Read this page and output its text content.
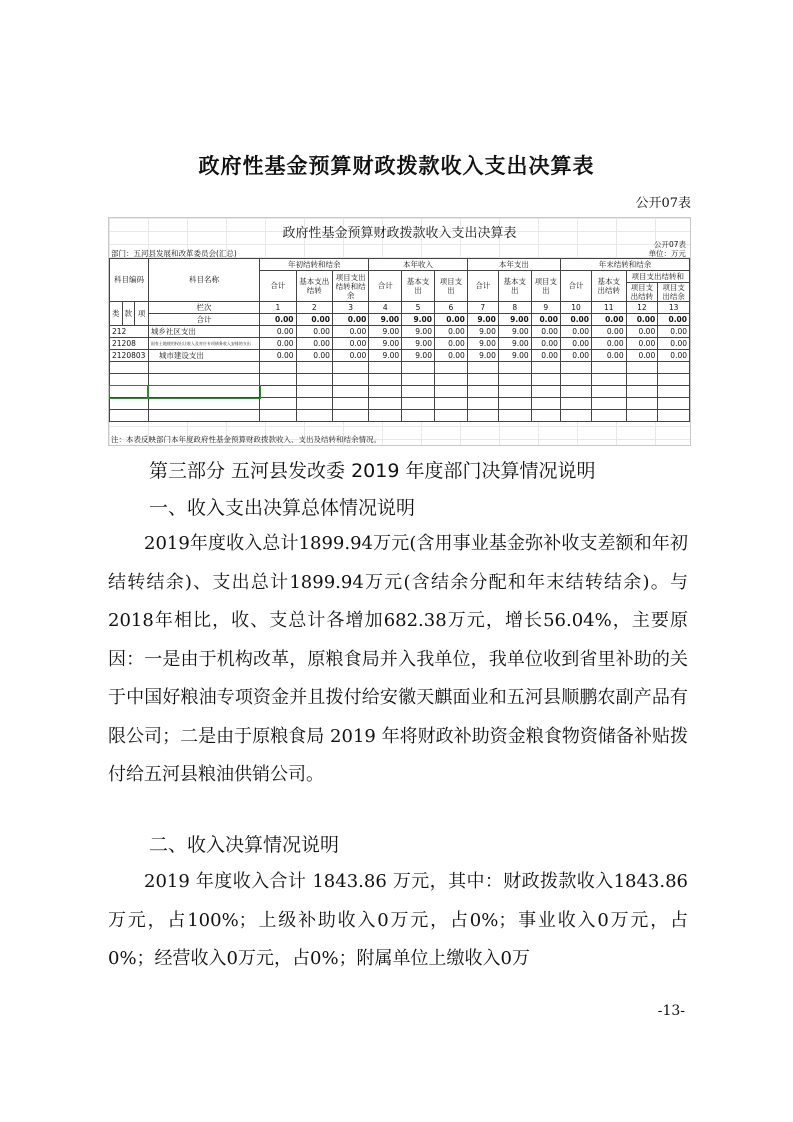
政府性基金预算财政拨款收入支出决算表
公开07表
政府性基金预算财政拨款收入支出决算表
公开07表
单位：万元
部门：五河县发展和改革委员会(汇总)
科目编码			科目名称	年初结转和结余			本年收入			本年支出			年末结转和结余			
				合计	基本支出结转	项目支出结转和结余	合计	基本支出	项目支出	合计	基本支出	项目支出	合计	基本支出结转	项目支出结转和	
															项目支出结转	项目支出结余

类	款	项	栏次	1	2	3	4	5	6	7	8	9	10	11	12	13
			合计	0.00	0.00	0.00	9.00	9.00	0.00	9.00	9.00	0.00	0.00	0.00	0.00	0.00
212			城乡社区支出	0.00	0.00	0.00	9.00	9.00	0.00	9.00	9.00	0.00	0.00	0.00	0.00	0.00
21208			国有土地使用权出让收入及对应专项债务收入安排的支出	0.00	0.00	0.00	9.00	9.00	0.00	9.00	9.00	0.00	0.00	0.00	0.00	0.00
2120803			城市建设支出	0.00	0.00	0.00	9.00	9.00	0.00	9.00	9.00	0.00	0.00	0.00	0.00	0.00

注：本表反映部门本年度政府性基金预算财政拨款收入、支出及结转和结余情况。
第三部分 五河县发改委 2019 年度部门决算情况说明
一、收入支出决算总体情况说明

2019年度收入总计1899.94万元(含用事业基金弥补收支差额和年初结转结余)、支出总计1899.94万元(含结余分配和年末结转结余)。与2018年相比，收、支总计各增加682.38万元，增长56.04%，主要原因：一是由于机构改革，原粮食局并入我单位，我单位收到省里补助的关于中国好粮油专项资金并且拨付给安徽天麒面业和五河县顺鹏农副产品有限公司；二是由于原粮食局 2019 年将财政补助资金粮食物资储备补贴拨付给五河县粮油供销公司。

二、收入决算情况说明

2019 年度收入合计 1843.86 万元，其中：财政拨款收入1843.86万元，占100%；上级补助收入0万元，占0%；事业收入0万元，占0%；经营收入0万元，占0%；附属单位上缴收入0万

-13-
